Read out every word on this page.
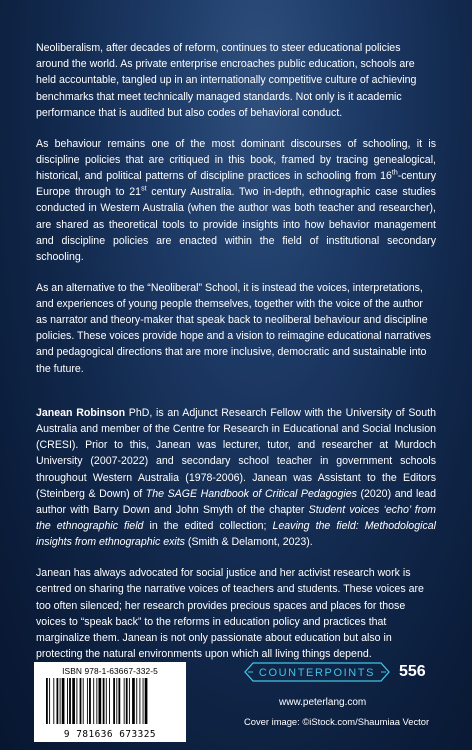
Neoliberalism, after decades of reform, continues to steer educational policies around the world. As private enterprise encroaches public education, schools are held accountable, tangled up in an internationally competitive culture of achieving benchmarks that meet technically managed standards. Not only is it academic performance that is audited but also codes of behavioral conduct.

As behaviour remains one of the most dominant discourses of schooling, it is discipline policies that are critiqued in this book, framed by tracing genealogical, historical, and political patterns of discipline practices in schooling from 16th-century Europe through to 21st century Australia. Two in-depth, ethnographic case studies conducted in Western Australia (when the author was both teacher and researcher), are shared as theoretical tools to provide insights into how behavior management and discipline policies are enacted within the field of institutional secondary schooling.

As an alternative to the “Neoliberal” School, it is instead the voices, interpretations, and experiences of young people themselves, together with the voice of the author as narrator and theory-maker that speak back to neoliberal behaviour and discipline policies. These voices provide hope and a vision to reimagine educational narratives and pedagogical directions that are more inclusive, democratic and sustainable into the future.

Janean Robinson PhD, is an Adjunct Research Fellow with the University of South Australia and member of the Centre for Research in Educational and Social Inclusion (CRESI). Prior to this, Janean was lecturer, tutor, and researcher at Murdoch University (2007-2022) and secondary school teacher in government schools throughout Western Australia (1978-2006). Janean was Assistant to the Editors (Steinberg & Down) of The SAGE Handbook of Critical Pedagogies (2020) and lead author with Barry Down and John Smyth of the chapter Student voices ‘echo’ from the ethnographic field in the edited collection; Leaving the field: Methodological insights from ethnographic exits (Smith & Delamont, 2023).

Janean has always advocated for social justice and her activist research work is centred on sharing the narrative voices of teachers and students. These voices are too often silenced; her research provides precious spaces and places for those voices to “speak back” to the reforms in education policy and practices that marginalize them. Janean is not only passionate about education but also in protecting the natural environments upon which all living things depend.

ISBN 978-1-63667-332-5
9 781636 673325
COUNTERPOINTS 556
www.peterlang.com
Cover image: ©iStock.com/Shaumiaa Vector
